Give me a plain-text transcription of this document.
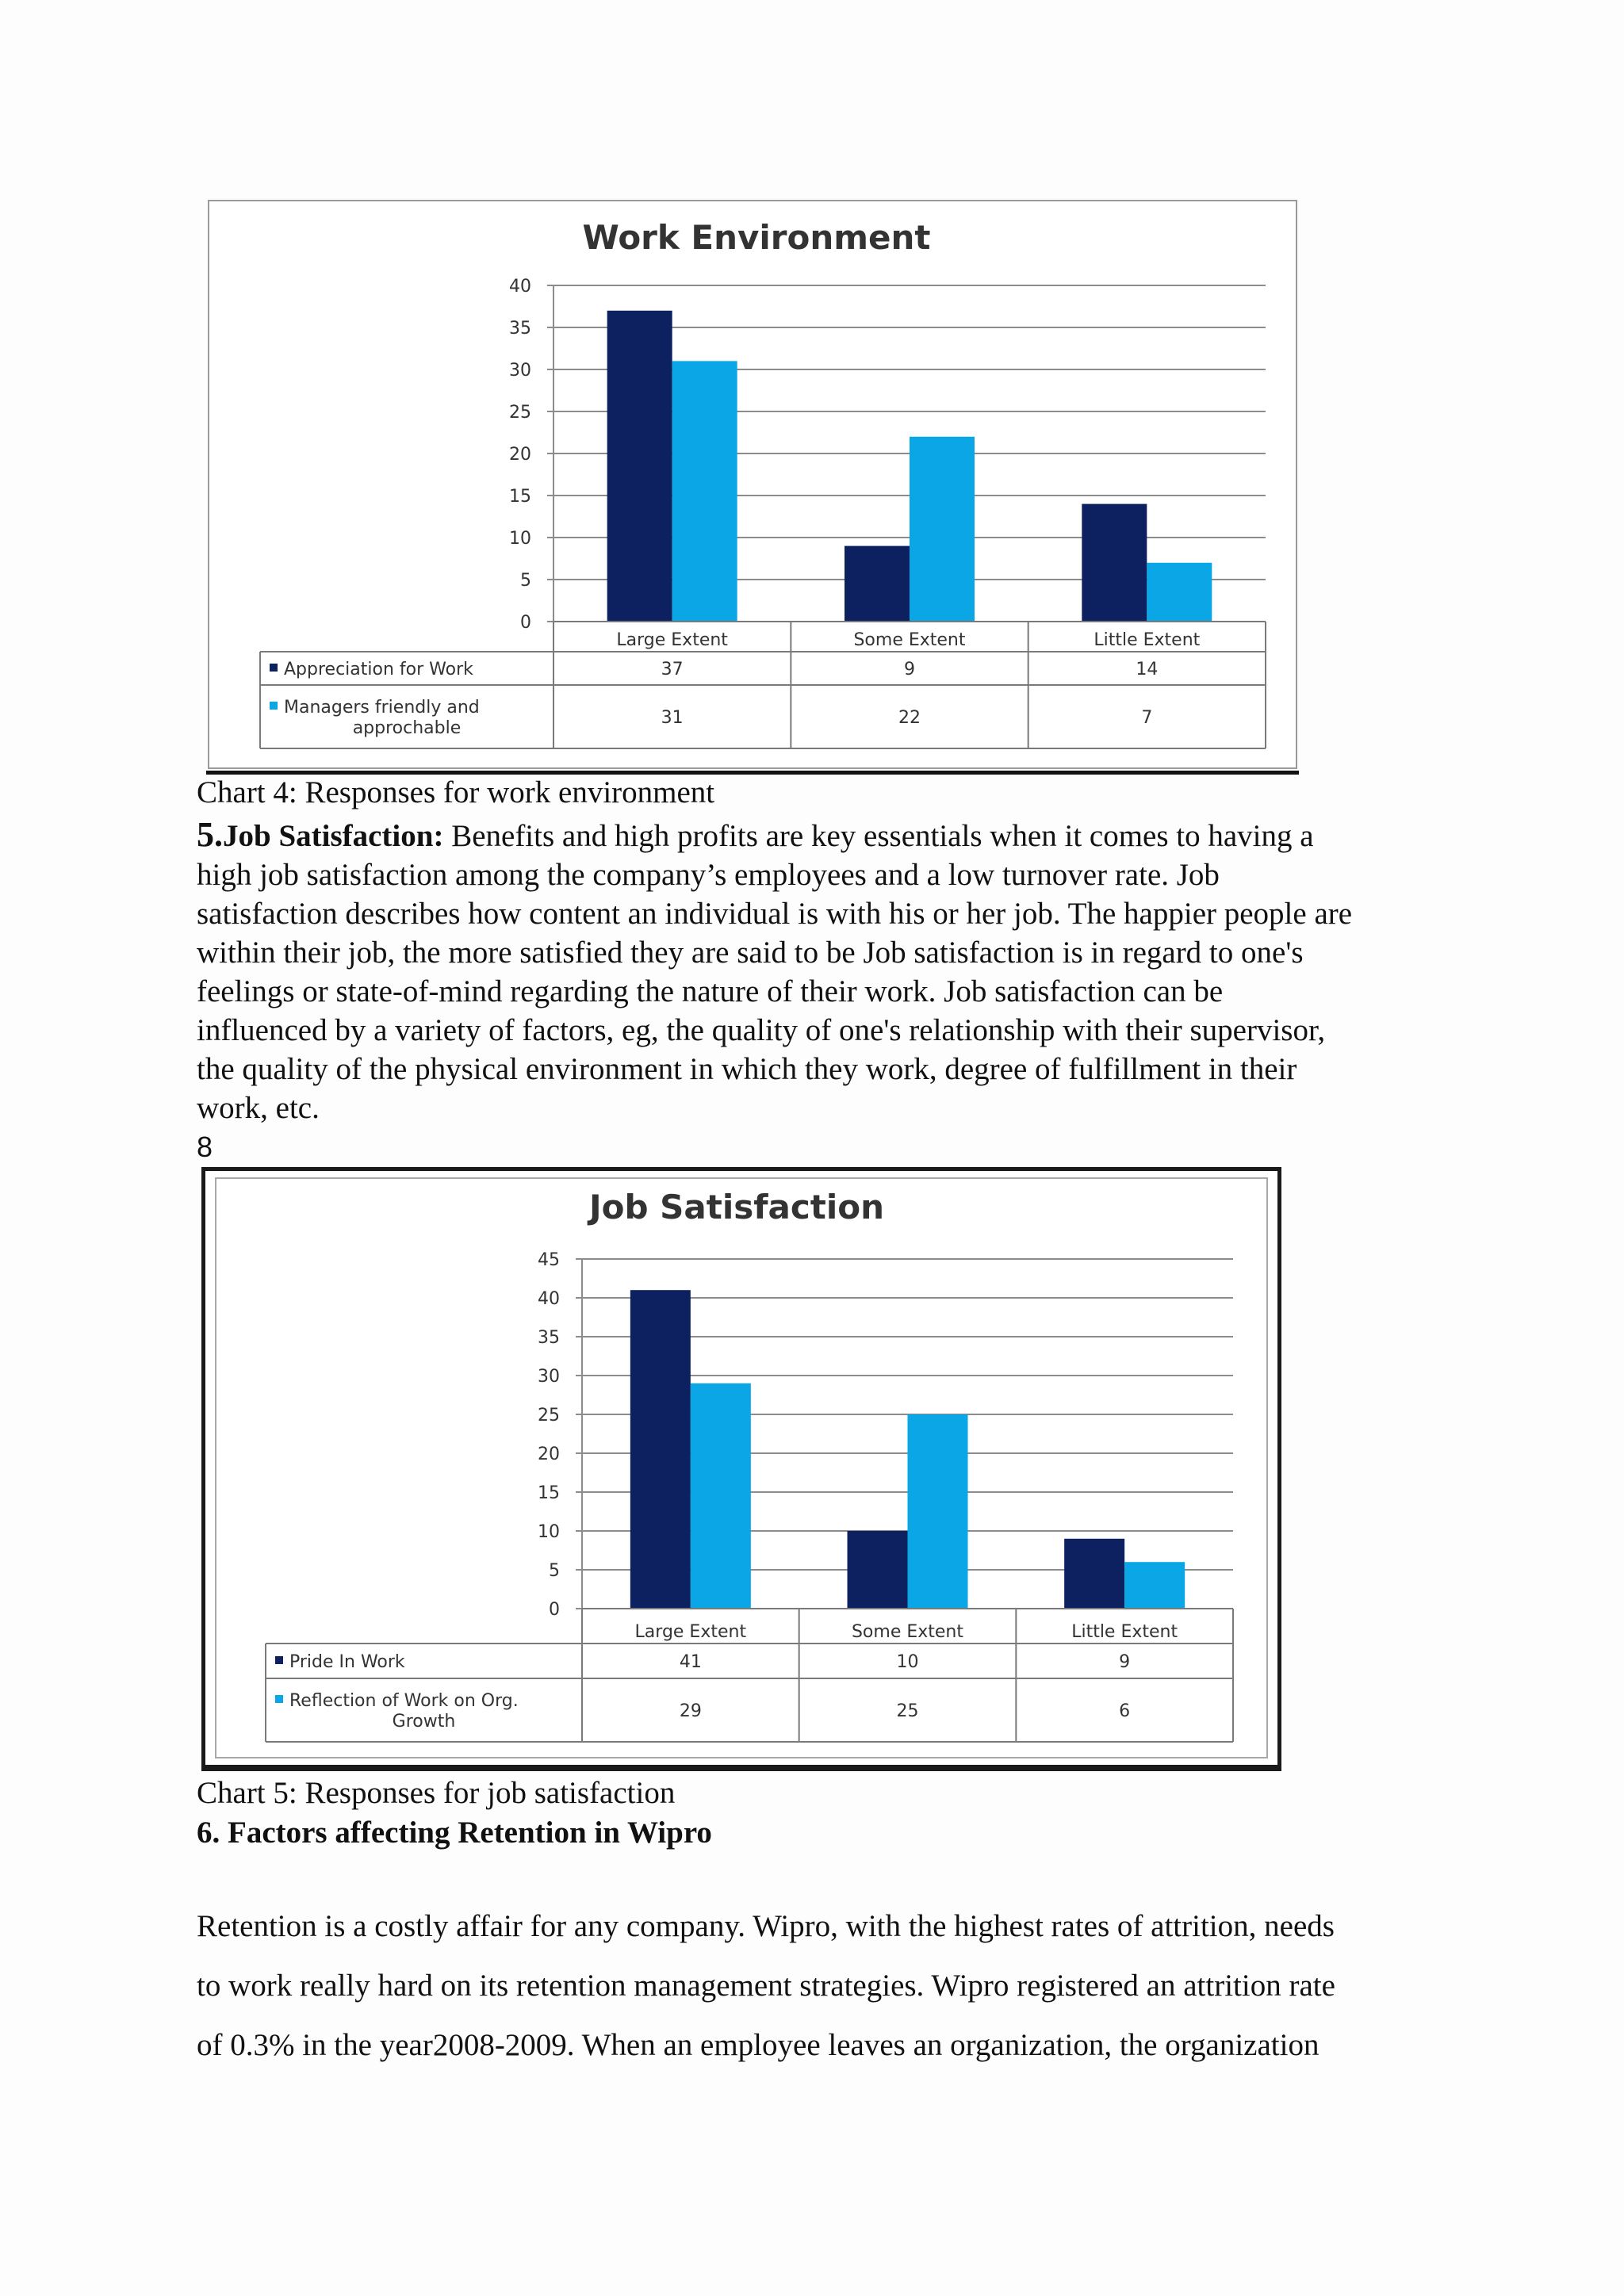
Work Environment
0
5
10
15
20
25
30
35
40
Large Extent	Some Extent	Little Extent
Appreciation for Work	37	9	14
Managers friendly and
approchable
31	22	7
Chart 4: Responses for work environment

5.Job Satisfaction: Benefits and high profits are key essentials when it comes to having a
high job satisfaction among the company’s employees and a low turnover rate. Job
satisfaction describes how content an individual is with his or her job. The happier people are
within their job, the more satisfied they are said to be Job satisfaction is in regard to one's
feelings or state-of-mind regarding the nature of their work. Job satisfaction can be
influenced by a variety of factors, eg, the quality of one's relationship with their supervisor,
the quality of the physical environment in which they work, degree of fulfillment in their
work, etc.

8
Job Satisfaction
0
5
10
15
20
25
30
35
40
45
Large Extent	Some Extent	Little Extent
Pride In Work	41	10	9
Reflection of Work on Org.
Growth
29	25	6
Chart 5: Responses for job satisfaction
6. Factors affecting Retention in Wipro

Retention is a costly affair for any company. Wipro, with the highest rates of attrition, needs
to work really hard on its retention management strategies. Wipro registered an attrition rate
of 0.3% in the year2008-2009. When an employee leaves an organization, the organization
